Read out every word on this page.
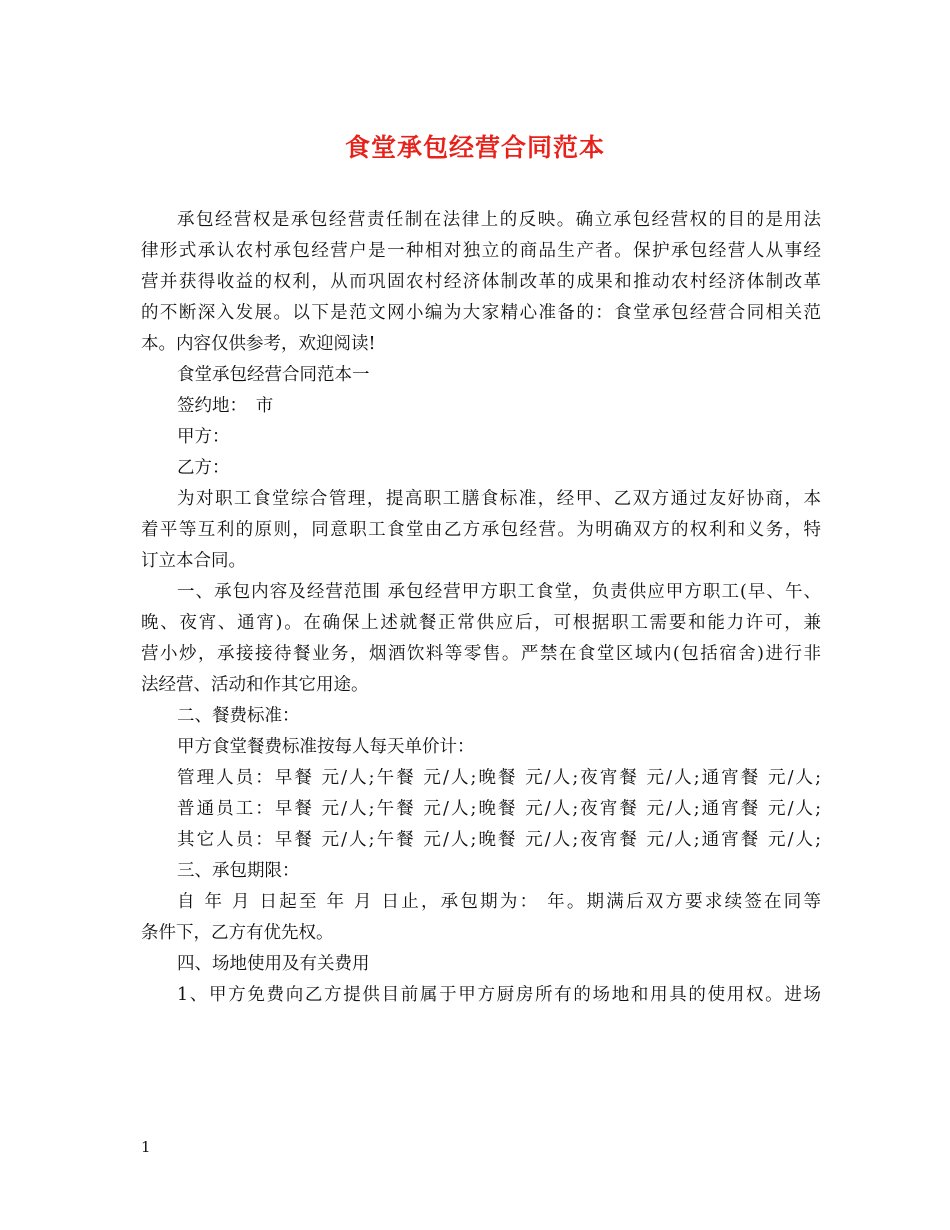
食堂承包经营合同范本
承包经营权是承包经营责任制在法律上的反映。确立承包经营权的目的是用法
律形式承认农村承包经营户是一种相对独立的商品生产者。保护承包经营人从事经
营并获得收益的权利，从而巩固农村经济体制改革的成果和推动农村经济体制改革
的不断深入发展。以下是范文网小编为大家精心准备的：食堂承包经营合同相关范
本。内容仅供参考，欢迎阅读!
食堂承包经营合同范本一
签约地：　市
甲方：
乙方：
为对职工食堂综合管理，提高职工膳食标准，经甲、乙双方通过友好协商，本
着平等互利的原则，同意职工食堂由乙方承包经营。为明确双方的权利和义务，特
订立本合同。
一、承包内容及经营范围 承包经营甲方职工食堂，负责供应甲方职工(早、午、
晚、夜宵、通宵)。在确保上述就餐正常供应后，可根据职工需要和能力许可，兼
营小炒，承接接待餐业务，烟酒饮料等零售。严禁在食堂区域内(包括宿舍)进行非
法经营、活动和作其它用途。
二、餐费标准：
甲方食堂餐费标准按每人每天单价计：
管理人员：早餐 元/人;午餐 元/人;晚餐 元/人;夜宵餐 元/人;通宵餐 元/人;
普通员工：早餐 元/人;午餐 元/人;晚餐 元/人;夜宵餐 元/人;通宵餐 元/人;
其它人员：早餐 元/人;午餐 元/人;晚餐 元/人;夜宵餐 元/人;通宵餐 元/人;
三、承包期限：
自 年 月 日起至 年 月 日止，承包期为： 年。期满后双方要求续签在同等
条件下，乙方有优先权。
四、场地使用及有关费用
1、甲方免费向乙方提供目前属于甲方厨房所有的场地和用具的使用权。进场
1
